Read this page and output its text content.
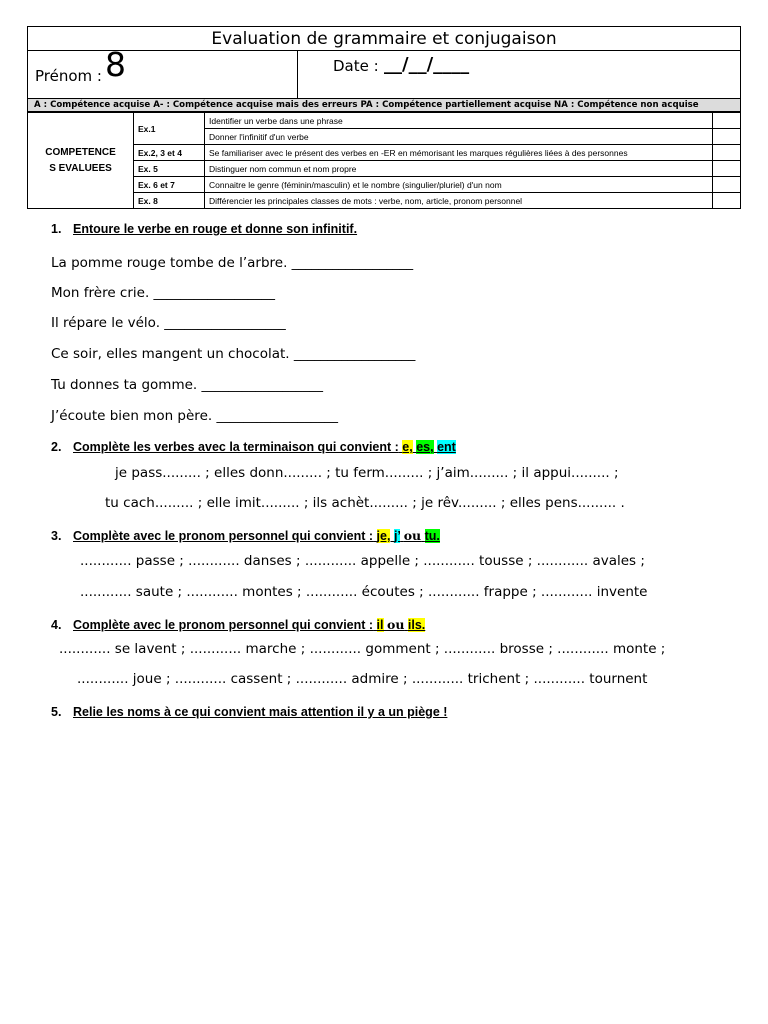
Evaluation de grammaire et conjugaison
Prénom : 8	Date : __/__/____
A : Compétence acquise A- : Compétence acquise mais des erreurs PA : Compétence partiellement acquise NA : Compétence non acquise
COMPETENCE
S EVALUEES	Ex.1	Identifier un verbe dans une phrase	
		Donner l'infinitif d'un verbe	
	Ex.2, 3 et 4	Se familiariser avec le présent des verbes en -ER en mémorisant les marques régulières liées à des personnes	
	Ex. 5	Distinguer nom commun et nom propre	
	Ex. 6 et 7	Connaitre le genre (féminin/masculin) et le nombre (singulier/pluriel) d'un nom	
	Ex. 8	Différencier les principales classes de mots : verbe, nom, article, pronom personnel	
1. Entoure le verbe en rouge et donne son infinitif.
La pomme rouge tombe de l’arbre. __________________
Mon frère crie. __________________
Il répare le vélo. __________________
Ce soir, elles mangent un chocolat. __________________
Tu donnes ta gomme. __________________
J’écoute bien mon père. __________________
2. Complète les verbes avec la terminaison qui convient : e, es, ent
je pass......... ; elles donn......... ; tu ferm......... ; j’aim......... ; il appui......... ;
tu cach......... ; elle imit......... ; ils achèt......... ; je rêv......... ; elles pens......... .
3. Complète avec le pronom personnel qui convient : je, j’ ou tu.
............ passe ; ............ danses ; ............ appelle ; ............ tousse ; ............ avales ;
............ saute ; ............ montes ; ............ écoutes ; ............ frappe ; ............ invente
4. Complète avec le pronom personnel qui convient : il ou ils.
............ se lavent ; ............ marche ; ............ gomment ; ............ brosse ; ............ monte ;
............ joue ; ............ cassent ; ............ admire ; ............ trichent ; ............ tournent
5. Relie les noms à ce qui convient mais attention il y a un piège !
